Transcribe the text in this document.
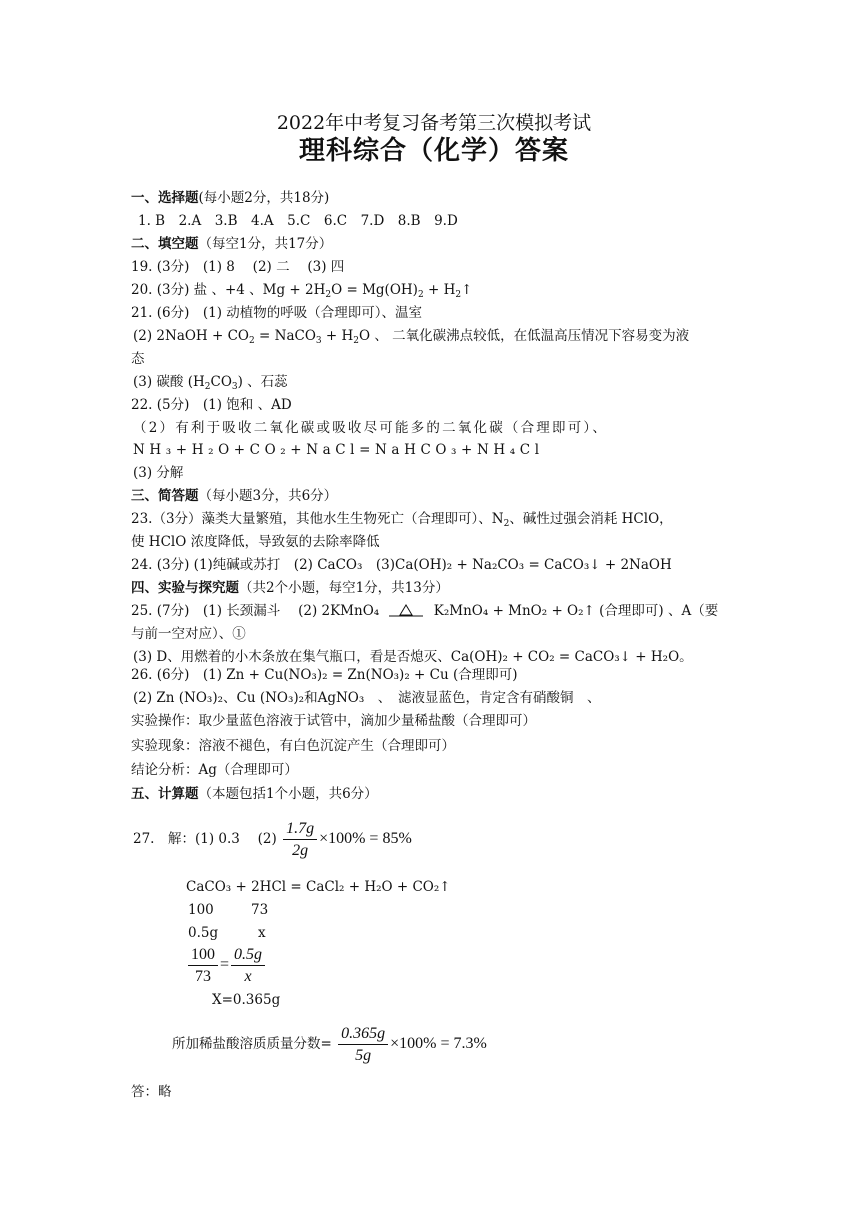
2022年中考复习备考第三次模拟考试
理科综合（化学）答案
一、选择题(每小题2分，共18分)
1. B　2.A　3.B　4.A　5.C　6.C　7.D　8.B　9.D
二、填空题（每空1分，共17分）
19. (3分)　(1) 8　 (2) 二　 (3) 四
20. (3分) 盐 、+4 、$Mg + 2H_2O = Mg(OH)_2$ + $H_2↑$
21. (6分)　(1) 动植物的呼吸（合理即可）、温室
(2) 2NaOH + $CO_2$ = NaCO$_3$ + $H_2O$ 、 二氧化碳沸点较低，在低温高压情况下容易变为液
态
(3) 碳酸 $(H_2CO_3)$ 、石蕊
22. (5分)　(1) 饱和 、AD
（2）有利于吸收二氧化碳或吸收尽可能多的二氧化碳（合理即可）、
NH₃+H₂O+CO₂+NaCl=NaHCO₃+NH₄Cl
(3) 分解
三、简答题（每小题3分，共6分）
23.（3分）藻类大量繁殖，其他水生生物死亡（合理即可）、$N_2$、碱性过强会消耗 HClO，
使 HClO 浓度降低，导致氨的去除率降低
24. (3分) (1)纯碱或苏打　(2) CaCO₃　(3)Ca(OH)₂ + Na₂CO₃ = CaCO₃↓ + 2NaOH
四、实验与探究题（共2个小题，每空1分，共13分）
25. (7分)　(1) 长颈漏斗　 (2) 2KMnO₄	K₂MnO₄ + MnO₂ + O₂↑ (合理即可) 、A（要
与前一空对应）、①
(3) D、用燃着的小木条放在集气瓶口，看是否熄灭、Ca(OH)₂ + CO₂ = CaCO₃↓ + H₂O。
26. (6分)　(1) Zn + Cu(NO₃)₂ = Zn(NO₃)₂ + Cu (合理即可)
(2) Zn (NO₃)₂、Cu (NO₃)₂和AgNO₃　、　滤液显蓝色，肯定含有硝酸铜　、
实验操作：取少量蓝色溶液于试管中，滴加少量稀盐酸（合理即可）
实验现象：溶液不褪色，有白色沉淀产生（合理即可）
结论分析：Ag（合理即可）
五、计算题（本题包括1个小题，共6分）
27.　解：(1) 0.3　 $(2) \frac{1.7g}{2g} \times 100\% = 85\%$
CaCO₃ + 2HCl = CaCl₂ + H₂O + CO₂↑
100	73
0.5g	x
$\frac{100}{73} = \frac{0.5g}{x}$
X=0.365g
所加稀盐酸溶质质量分数= $\frac{0.365g}{5g} \times 100\% = 7.3\%$
答：略
